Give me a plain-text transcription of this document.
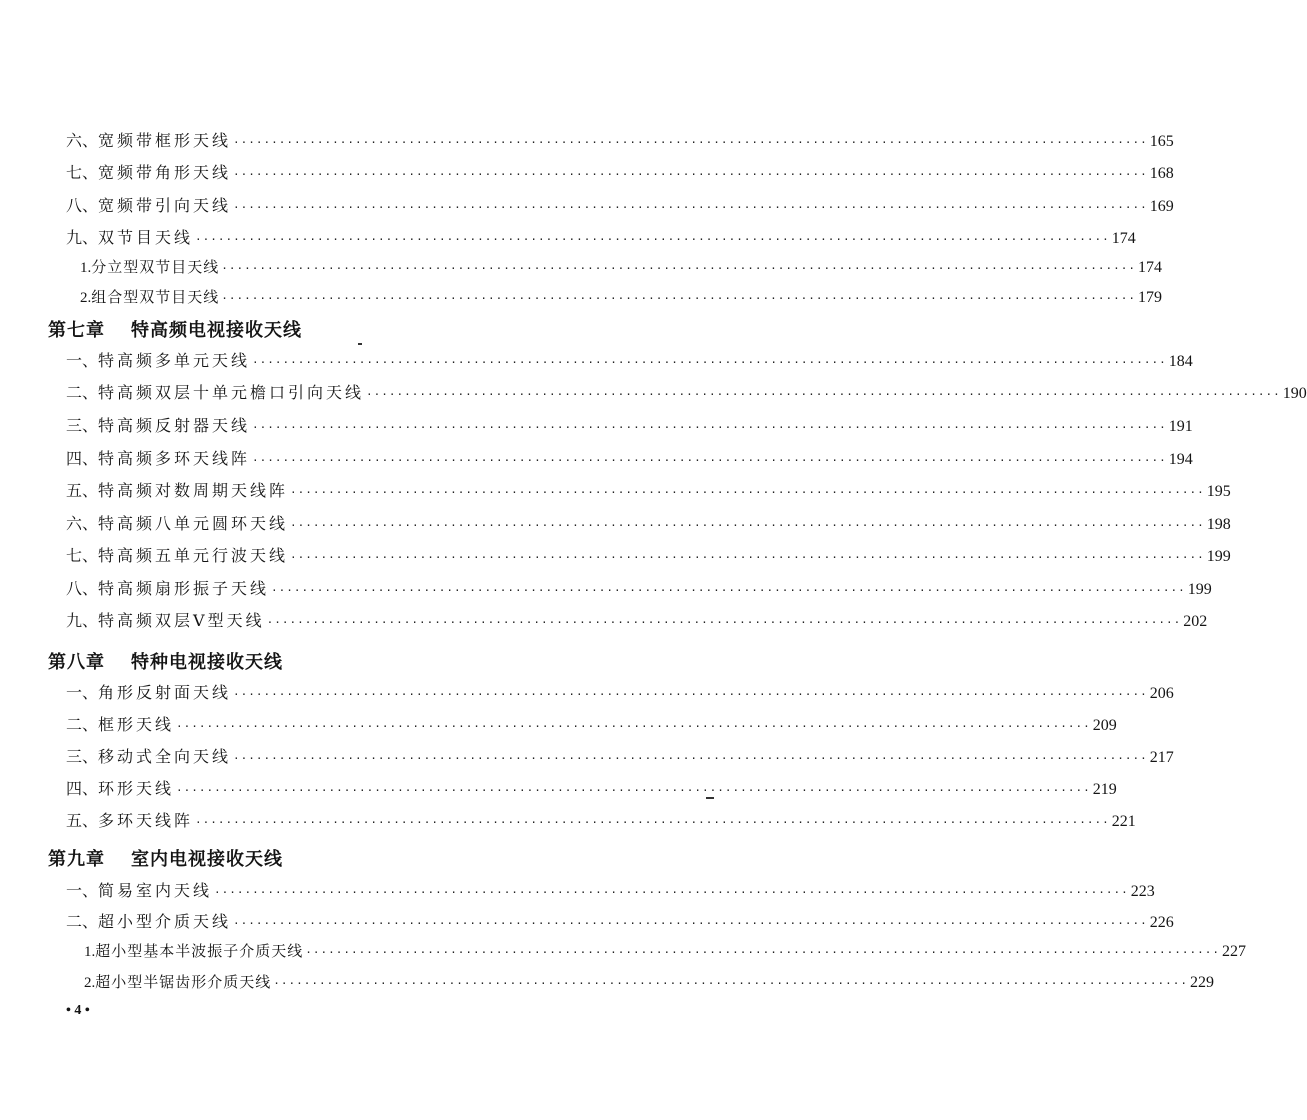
六、 宽频带框形天线 ························································································································ 165
七、 宽频带角形天线 ························································································································ 168
八、 宽频带引向天线 ························································································································ 169
九、 双节目天线 ························································································································ 174
1. 分立型双节目天线 ························································································································ 174
2. 组合型双节目天线 ························································································································ 179
第七章 特高频电视接收天线
一、 特高频多单元天线 ························································································································ 184
二、 特高频双层十单元檐口引向天线 ························································································································ 190
三、 特高频反射器天线 ························································································································ 191
四、 特高频多环天线阵 ························································································································ 194
五、 特高频对数周期天线阵 ························································································································ 195
六、 特高频八单元圆环天线 ························································································································ 198
七、 特高频五单元行波天线 ························································································································ 199
八、 特高频扇形振子天线 ························································································································ 199
九、 特高频双层V型天线 ························································································································ 202
第八章 特种电视接收天线
一、 角形反射面天线 ························································································································ 206
二、 框形天线 ························································································································ 209
三、 移动式全向天线 ························································································································ 217
四、 环形天线 ························································································································ 219
五、 多环天线阵 ························································································································ 221
第九章 室内电视接收天线
一、 简易室内天线 ························································································································ 223
二、 超小型介质天线 ························································································································ 226
1. 超小型基本半波振子介质天线 ························································································································ 227
2. 超小型半锯齿形介质天线 ························································································································ 229
• 4 •
